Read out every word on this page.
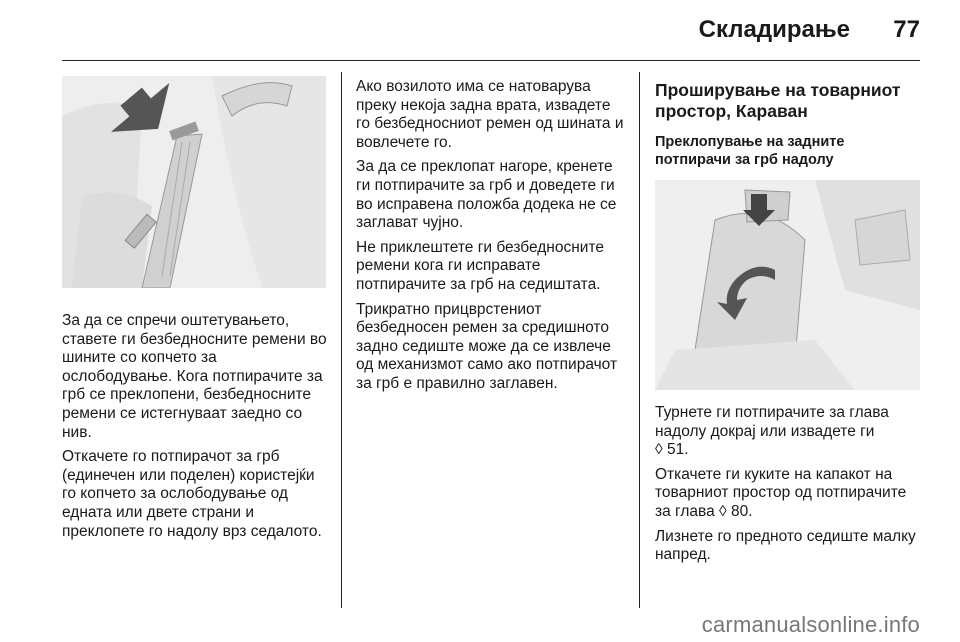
Складирање 77

За да се спречи оштетувањето, ставете ги безбедносните ремени во шините со копчето за ослободување. Кога потпирачите за грб се преклопени, безбедносните ремени се истегнуваат заедно со нив.

Откачете го потпирачот за грб (единечен или поделен) користејќи го копчето за ослободување од едната или двете страни и преклопете го надолу врз седалото.

Ако возилото има се натоварува преку некоја задна врата, извадете го безбедносниот ремен од шината и вовлечете го.

За да се преклопат нагоре, кренете ги потпирачите за грб и доведете ги во исправена положба додека не се заглават чујно.

Не приклештете ги безбедносните ремени кога ги исправате потпирачите за грб на седиштата.

Трикратно прицврстениот безбедносен ремен за средишното задно седиште може да се извлече од механизмот само ако потпирачот за грб е правилно заглавен.

Проширување на товарниот простор, Караван
Преклопување на задните потпирачи за грб надолу

Турнете ги потпирачите за глава надолу докрај или извадете ги
◊ 51.

Откачете ги куките на капакот на товарниот простор од потпирачите за глава ◊ 80.

Лизнете го предното седиште малку напред.

carmanualsonline.info
